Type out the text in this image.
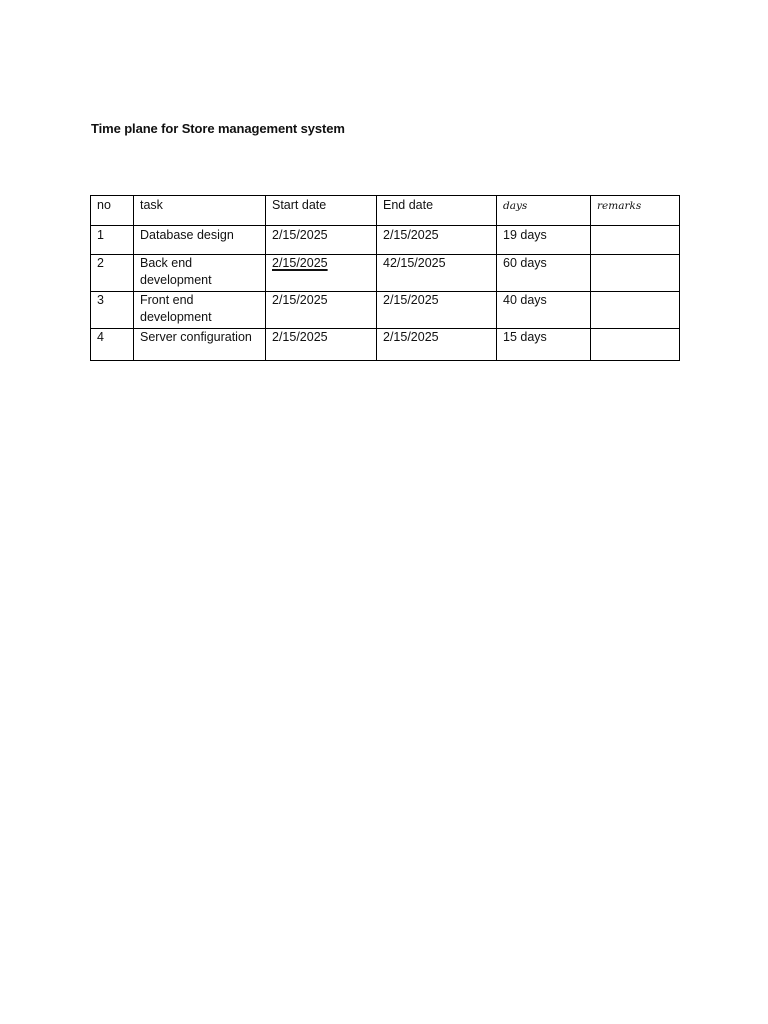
Time plane for Store management system
no	task	Start date	End date	days	remarks
1	Database design	2/15/2025	2/15/2025	19 days	
2	Back end development	2/15/2025	42/15/2025	60 days	
3	Front end development	2/15/2025	2/15/2025	40 days	
4	Server configuration	2/15/2025	2/15/2025	15 days	
